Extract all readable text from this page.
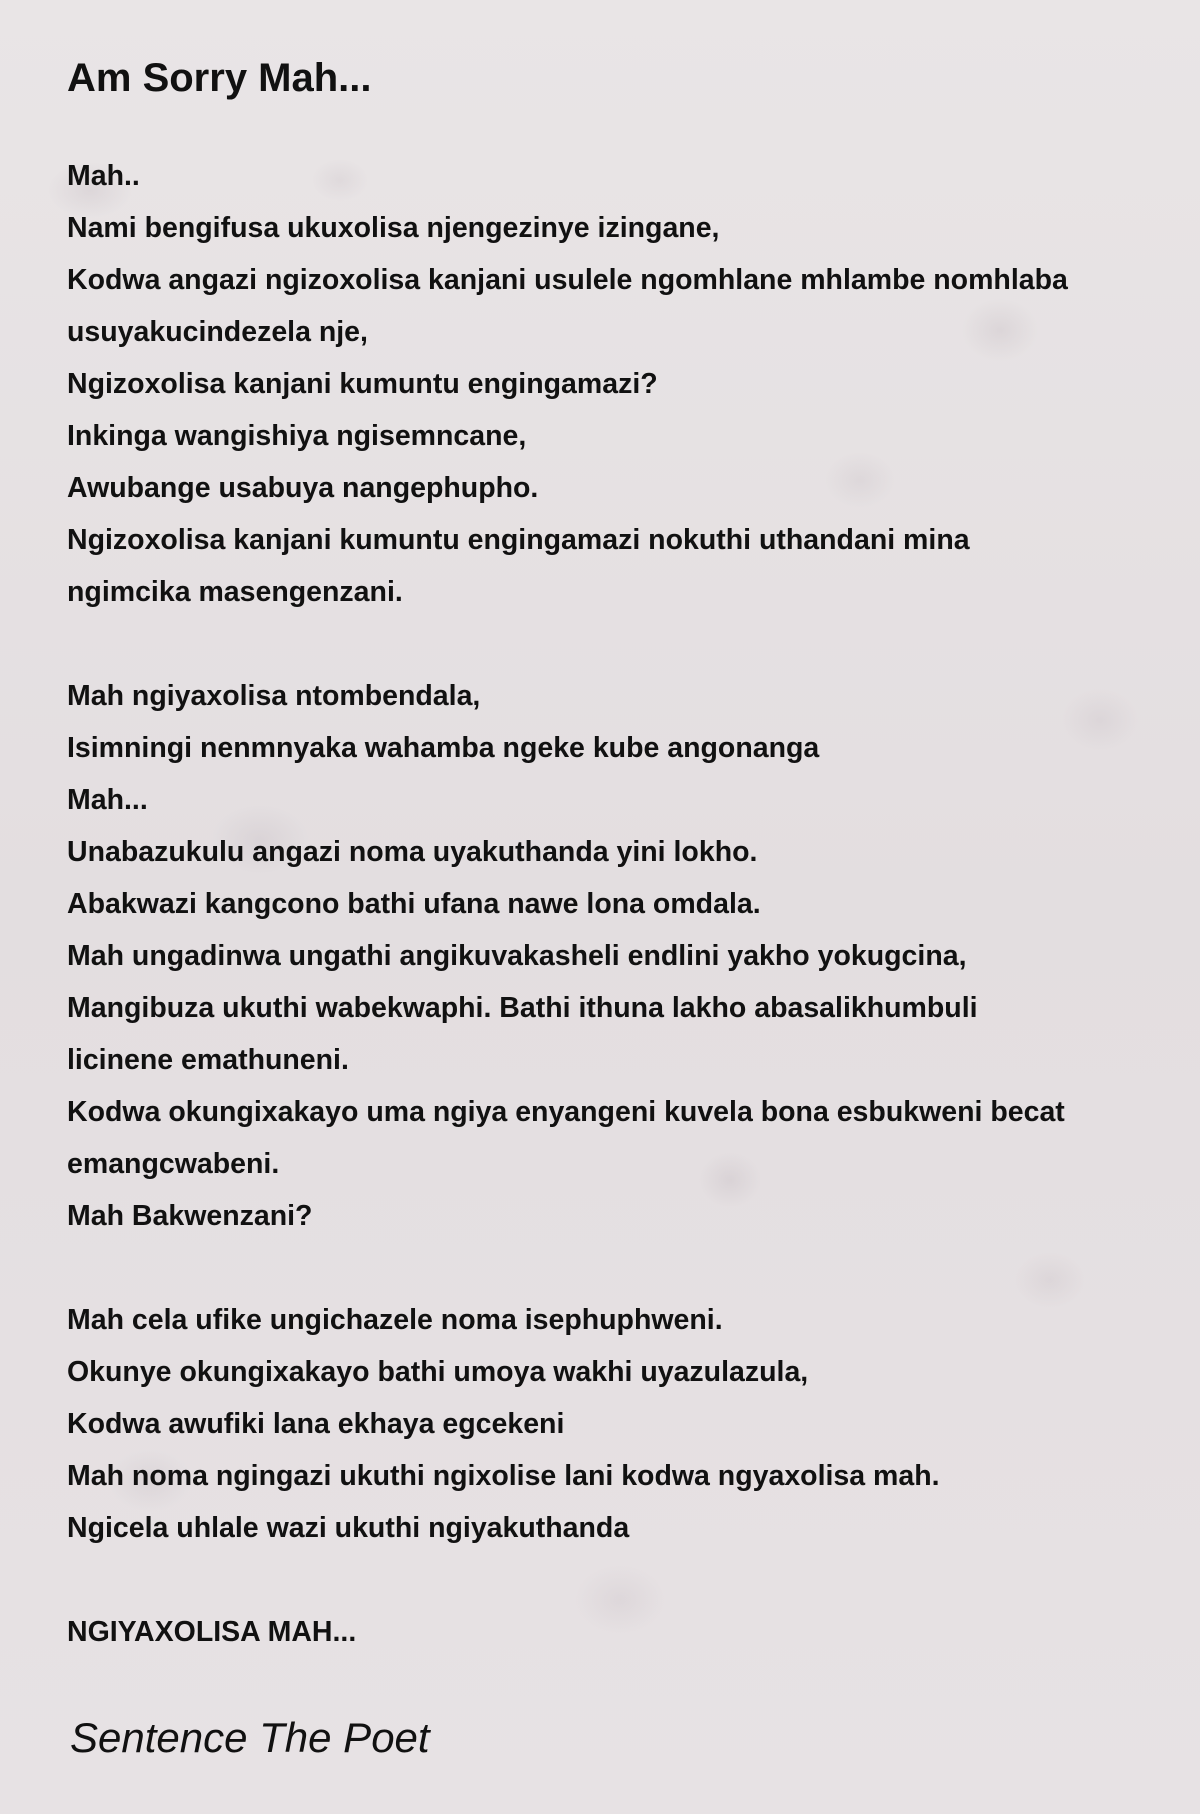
Am Sorry Mah...
Mah..
Nami bengifusa ukuxolisa njengezinye izingane,
Kodwa angazi ngizoxolisa kanjani usulele ngomhlane mhlambe nomhlaba
usuyakucindezela nje,
Ngizoxolisa kanjani kumuntu engingamazi?
Inkinga wangishiya ngisemncane,
Awubange usabuya nangephupho.
Ngizoxolisa kanjani kumuntu engingamazi nokuthi uthandani mina
ngimcika masengenzani.
Mah ngiyaxolisa ntombendala,
Isimningi nenmnyaka wahamba ngeke kube angonanga
Mah...
Unabazukulu angazi noma uyakuthanda yini lokho.
Abakwazi kangcono bathi ufana nawe lona omdala.
Mah ungadinwa ungathi angikuvakasheli endlini yakho yokugcina,
Mangibuza ukuthi wabekwaphi. Bathi ithuna lakho abasalikhumbuli
licinene emathuneni.
Kodwa okungixakayo uma ngiya enyangeni kuvela bona esbukweni becat
emangcwabeni.
Mah Bakwenzani?
Mah cela ufike ungichazele noma isephuphweni.
Okunye okungixakayo bathi umoya wakhi uyazulazula,
Kodwa awufiki lana ekhaya egcekeni
Mah noma ngingazi ukuthi ngixolise lani kodwa ngyaxolisa mah.
Ngicela uhlale wazi ukuthi ngiyakuthanda
NGIYAXOLISA MAH...

Sentence The Poet
